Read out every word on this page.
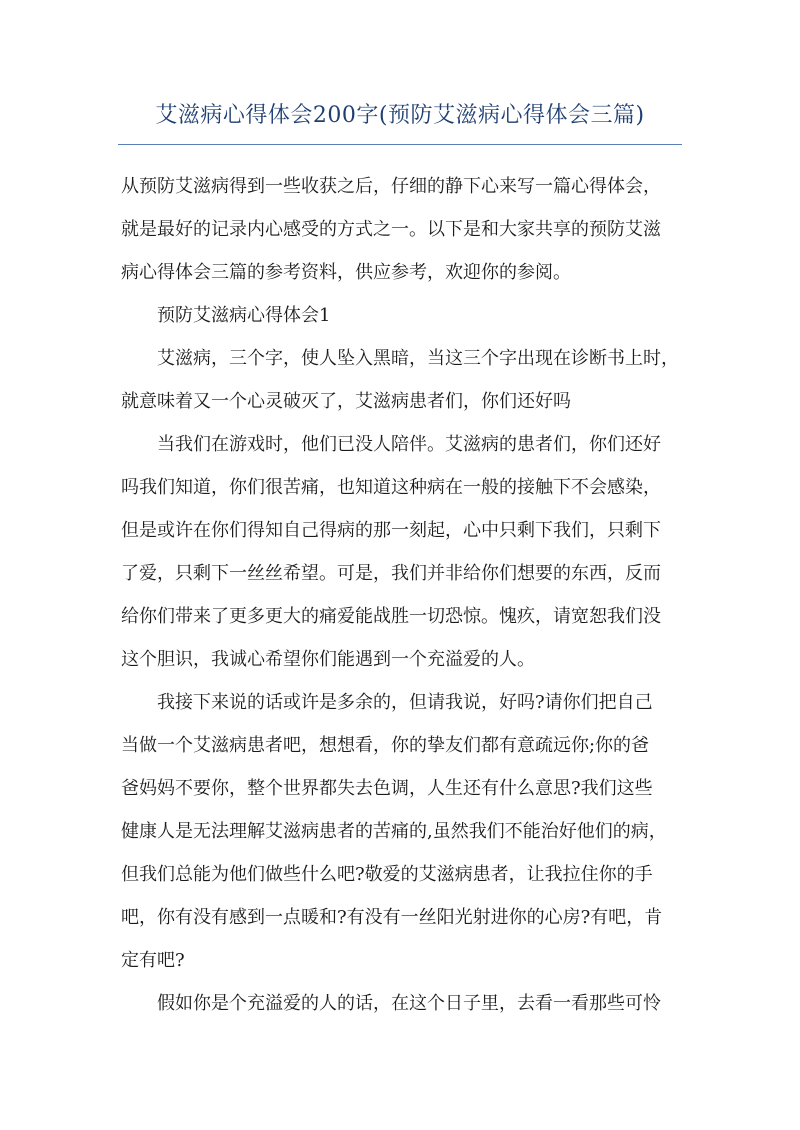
艾滋病心得体会200字(预防艾滋病心得体会三篇)
从预防艾滋病得到一些收获之后，仔细的静下心来写一篇心得体会，
就是最好的记录内心感受的方式之一。以下是和大家共享的预防艾滋
病心得体会三篇的参考资料，供应参考，欢迎你的参阅。
预防艾滋病心得体会1
艾滋病，三个字，使人坠入黑暗，当这三个字出现在诊断书上时，
就意味着又一个心灵破灭了，艾滋病患者们，你们还好吗
当我们在游戏时，他们已没人陪伴。艾滋病的患者们，你们还好
吗我们知道，你们很苦痛，也知道这种病在一般的接触下不会感染，
但是或许在你们得知自己得病的那一刻起，心中只剩下我们，只剩下
了爱，只剩下一丝丝希望。可是，我们并非给你们想要的东西，反而
给你们带来了更多更大的痛爱能战胜一切恐惊。愧疚，请宽恕我们没
这个胆识，我诚心希望你们能遇到一个充溢爱的人。
我接下来说的话或许是多余的，但请我说，好吗?请你们把自己
当做一个艾滋病患者吧，想想看，你的挚友们都有意疏远你;你的爸
爸妈妈不要你，整个世界都失去色调，人生还有什么意思?我们这些
健康人是无法理解艾滋病患者的苦痛的,虽然我们不能治好他们的病，
但我们总能为他们做些什么吧?敬爱的艾滋病患者，让我拉住你的手
吧，你有没有感到一点暖和?有没有一丝阳光射进你的心房?有吧，肯
定有吧?
假如你是个充溢爱的人的话，在这个日子里，去看一看那些可怜
